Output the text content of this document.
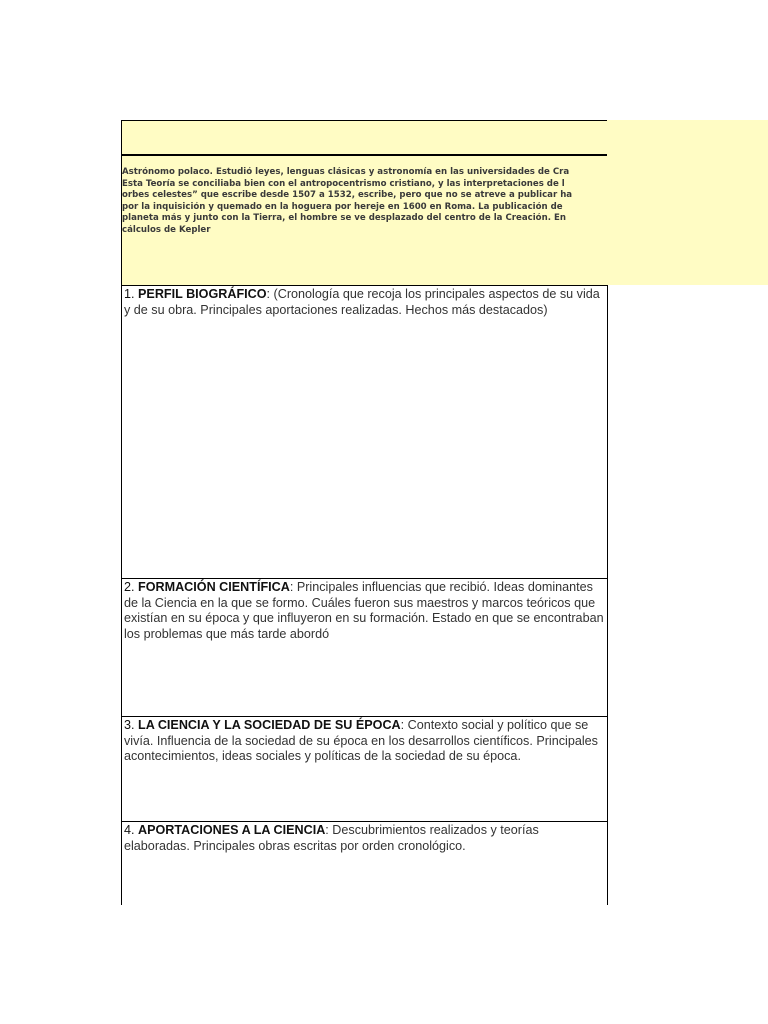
Astrónomo polaco. Estudió leyes, lenguas clásicas y astronomía en las universidades de Cra
Esta Teoría se conciliaba bien con el antropocentrismo cristiano, y las interpretaciones de l
orbes celestes” que escribe desde 1507 a 1532, escribe, pero que no se atreve a publicar ha
por la inquisición y quemado en la hoguera por hereje en 1600 en Roma. La publicación de
planeta más y junto con la Tierra, el hombre se ve desplazado del centro de la Creación. En
cálculos de Kepler
1. PERFIL BIOGRÁFICO: (Cronología que recoja los principales aspectos de su vida y de su obra. Principales aportaciones realizadas. Hechos más destacados)
2. FORMACIÓN CIENTÍFICA: Principales influencias que recibió. Ideas dominantes de la Ciencia en la que se formo. Cuáles fueron sus maestros y marcos teóricos que existían en su época y que influyeron en su formación. Estado en que se encontraban los problemas que más tarde abordó
3. LA CIENCIA Y LA SOCIEDAD DE SU ÉPOCA: Contexto social y político que se vivía. Influencia de la sociedad de su época en los desarrollos científicos. Principales acontecimientos, ideas sociales y políticas de la sociedad de su época.
4. APORTACIONES A LA CIENCIA: Descubrimientos realizados y teorías elaboradas. Principales obras escritas por orden cronológico.
